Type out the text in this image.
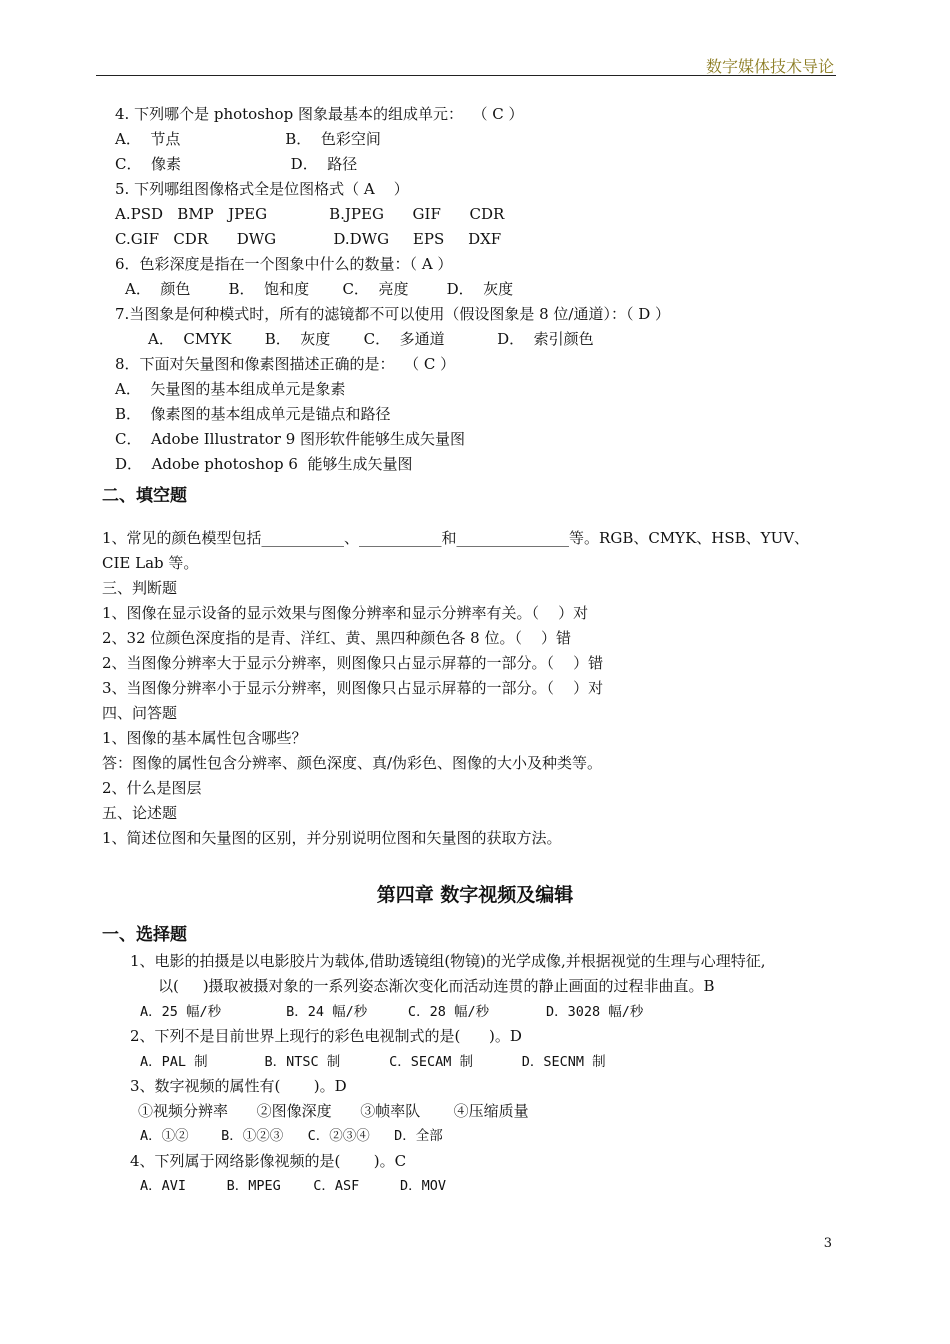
数字媒体技术导论
4. 下列哪个是 photoshop 图象最基本的组成单元：  （ C ）
A．  节点                      B．  色彩空间
C．  像素                       D．  路径
5. 下列哪组图像格式全是位图格式（ A    ）
A.PSD   BMP   JPEG             B.JPEG      GIF      CDR
C.GIF   CDR      DWG            D.DWG     EPS     DXF
6．色彩深度是指在一个图象中什么的数量：（ A ）
A．  颜色        B．  饱和度       C．  亮度        D．  灰度
7.当图象是何种模式时，所有的滤镜都不可以使用（假设图象是 8 位/通道）：（ D ）
A．  CMYK       B．  灰度       C．  多通道           D．  索引颜色
8．下面对矢量图和像素图描述正确的是：  （ C ）
A．  矢量图的基本组成单元是象素
B．  像素图的基本组成单元是锚点和路径
C．  Adobe Illustrator 9 图形软件能够生成矢量图
D．  Adobe photoshop 6  能够生成矢量图
二、填空题
1、常见的颜色模型包括___________、___________和_______________等。RGB、CMYK、HSB、YUV、
CIE Lab 等。
三、判断题
1、图像在显示设备的显示效果与图像分辨率和显示分辨率有关。（    ）对
2、32 位颜色深度指的是青、洋红、黄、黑四种颜色各 8 位。（    ）错
2、当图像分辨率大于显示分辨率，则图像只占显示屏幕的一部分。（    ）错
3、当图像分辨率小于显示分辨率，则图像只占显示屏幕的一部分。（    ）对
四、问答题
1、图像的基本属性包含哪些？
答：图像的属性包含分辨率、颜色深度、真/伪彩色、图像的大小及种类等。
2、什么是图层
五、论述题
1、简述位图和矢量图的区别，并分别说明位图和矢量图的获取方法。
第四章 数字视频及编辑
一、选择题
1、电影的拍摄是以电影胶片为载体,借助透镜组(物镜)的光学成像,并根据视觉的生理与心理特征,
以(     )摄取被摄对象的一系列姿态渐次变化而活动连贯的静止画面的过程非曲直。B
A．25 幅/秒        B．24 幅/秒     C．28 幅/秒       D．3028 幅/秒
2、下列不是目前世界上现行的彩色电视制式的是(      )。D
A．PAL 制       B．NTSC 制      C．SECAM 制      D．SECNM 制
3、数字视频的属性有(       )。D
①视频分辨率      ②图像深度      ③帧率队       ④压缩质量
A．①②    B．①②③   C．②③④   D．全部
4、下列属于网络影像视频的是(       )。C
A．AVI     B．MPEG    C．ASF     D．MOV
3
